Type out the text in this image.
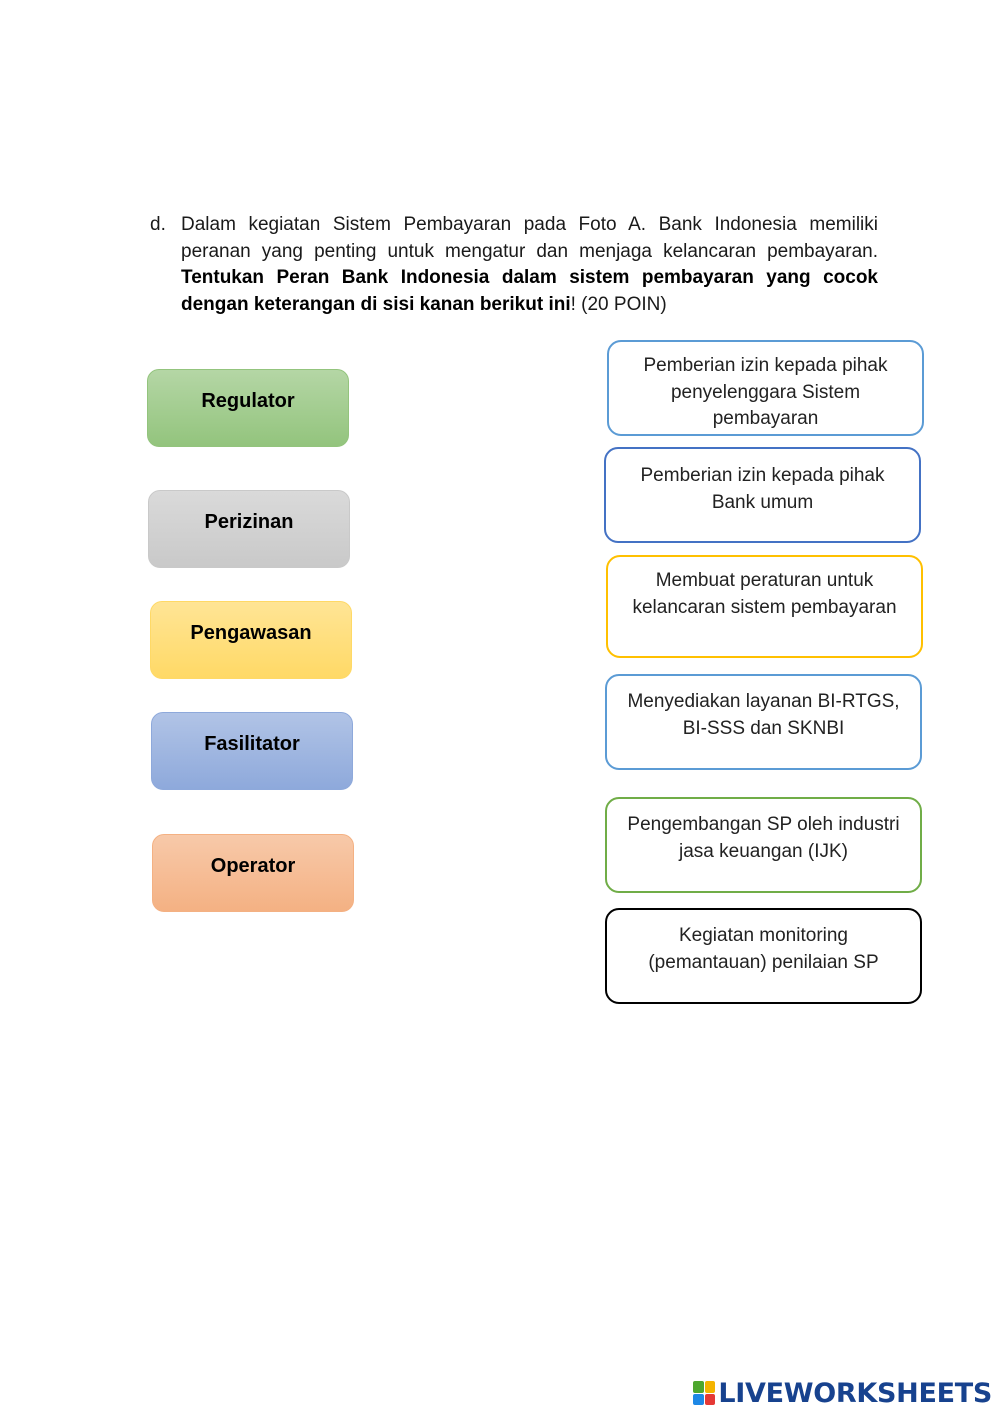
d. Dalam kegiatan Sistem Pembayaran pada Foto A. Bank Indonesia memiliki peranan yang penting untuk mengatur dan menjaga kelancaran pembayaran. Tentukan Peran Bank Indonesia dalam sistem pembayaran yang cocok dengan keterangan di sisi kanan berikut ini! (20 POIN)
Regulator
Perizinan
Pengawasan
Fasilitator
Operator
Pemberian izin kepada pihak penyelenggara Sistem pembayaran
Pemberian izin kepada pihak Bank umum
Membuat peraturan untuk kelancaran sistem pembayaran
Menyediakan layanan BI-RTGS, BI-SSS dan SKNBI
Pengembangan SP oleh industri jasa keuangan (IJK)
Kegiatan monitoring (pemantauan) penilaian SP
LIVEWORKSHEETS
